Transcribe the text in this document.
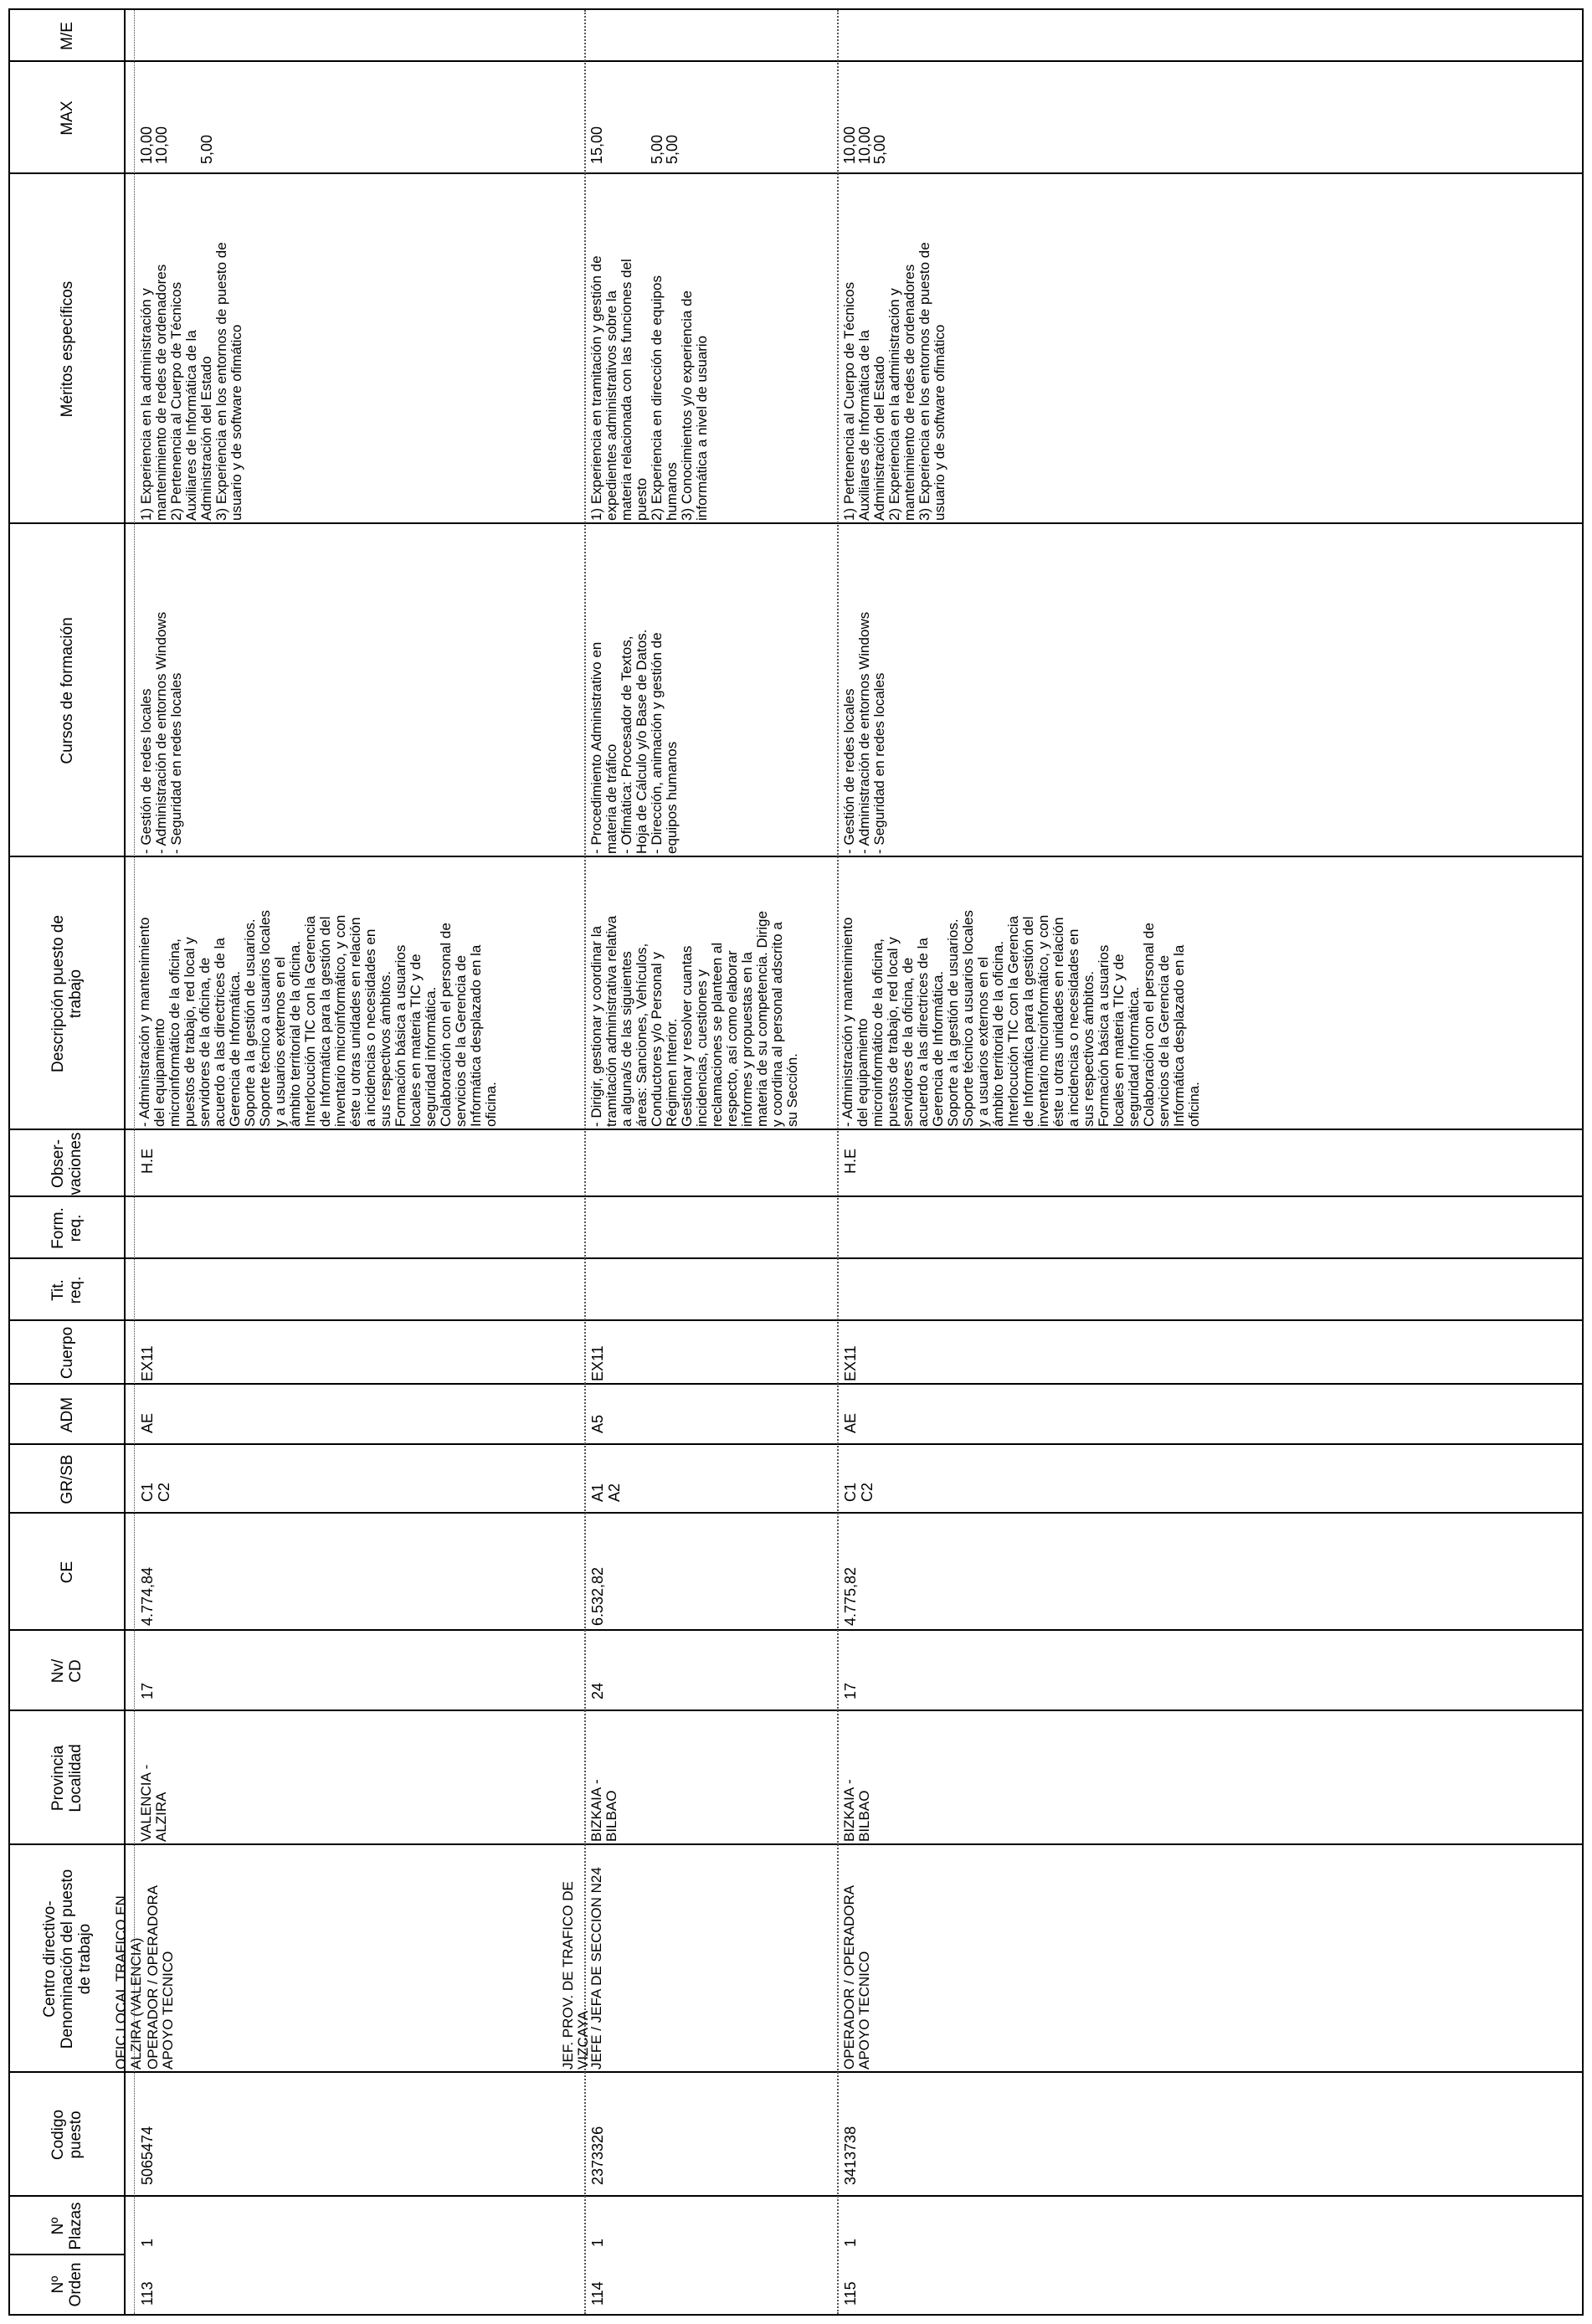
Nº
Orden
Nº
Plazas
Codigo
puesto
Centro directivo-
Denominación del puesto
de trabajo
Provincia
Localidad
Nv/
CD
CE
GR/SB
ADM
Cuerpo
Tit.
req.
Form.
req.
Obser-
vaciones
Descripción puesto de
trabajo
Cursos de formación
Méritos específicos
MAX
M/E
113
1
5065474
OFIC.LOCAL TRAFICO EN
ALZIRA (VALENCIA)
OPERADOR / OPERADORA
APOYO TECNICO
VALENCIA -
ALZIRA
17
4.774,84
C1
C2
AE
EX11
H.E
- Administración y mantenimiento
del equipamiento
microinformático de la oficina,
puestos de trabajo, red local y
servidores de la oficina, de
acuerdo a las directrices de la
Gerencia de Informática.
Soporte a la gestión de usuarios.
Soporte técnico a usuarios locales
y a usuarios externos en el
ámbito territorial de la oficina.
Interlocución TIC con la Gerencia
de Informática para la gestión del
inventario microinformático, y con
éste u otras unidades en relación
a incidencias o necesidades en
sus respectivos ámbitos.
Formación básica a usuarios
locales en materia TIC y de
seguridad informática.
Colaboración con el personal de
servicios de la Gerencia de
Informática desplazado en la
oficina.
- Gestión de redes locales
- Administración de entornos Windows
- Seguridad en redes locales
1) Experiencia en la administración y
mantenimiento de redes de ordenadores
2) Pertenencia al Cuerpo de Técnicos
Auxiliares de Informática de la
Administración del Estado
3) Experiencia en los entornos de puesto de
usuario y de software ofimático
10,00
10,00

5,00
114
1
2373326
JEF. PROV. DE TRAFICO DE
VIZCAYA
JEFE / JEFA DE SECCION N24
BIZKAIA -
BILBAO
24
6.532,82
A1
A2
A5
EX11
- Dirigir, gestionar y coordinar la
tramitación administrativa relativa
a alguna/s de las siguientes
áreas: Sanciones, Vehículos,
Conductores y/o Personal y
Régimen Interior.
Gestionar y resolver cuantas
incidencias, cuestiones y
reclamaciones se planteen al
respecto, así como elaborar
informes y propuestas en la
materia de su competencia. Dirige
y coordina al personal adscrito a
su Sección.
- Procedimiento Administrativo en
materia de tráfico
- Ofimática: Procesador de Textos,
Hoja de Cálculo y/o Base de Datos.
- Dirección, animación y gestión de
equipos humanos
1) Experiencia en tramitación y gestión de
expedientes administrativos sobre la
materia relacionada con las funciones del
puesto
2) Experiencia en dirección de equipos
humanos
3) Conocimientos y/o experiencia de
informática a nivel de usuario
15,00

5,00
5,00
115
1
3413738
OPERADOR / OPERADORA
APOYO TECNICO
BIZKAIA -
BILBAO
17
4.775,82
C1
C2
AE
EX11
H.E
- Administración y mantenimiento
del equipamiento
microinformático de la oficina,
puestos de trabajo, red local y
servidores de la oficina, de
acuerdo a las directrices de la
Gerencia de Informática.
Soporte a la gestión de usuarios.
Soporte técnico a usuarios locales
y a usuarios externos en el
ámbito territorial de la oficina.
Interlocución TIC con la Gerencia
de Informática para la gestión del
inventario microinformático, y con
éste u otras unidades en relación
a incidencias o necesidades en
sus respectivos ámbitos.
Formación básica a usuarios
locales en materia TIC y de
seguridad informática.
Colaboración con el personal de
servicios de la Gerencia de
Informática desplazado en la
oficina.
- Gestión de redes locales
- Administración de entornos Windows
- Seguridad en redes locales
1) Pertenencia al Cuerpo de Técnicos
Auxiliares de Informática de la
Administración del Estado
2) Experiencia en la administración y
mantenimiento de redes de ordenadores
3) Experiencia en los entornos de puesto de
usuario y de software ofimático
10,00
10,00
5,00
